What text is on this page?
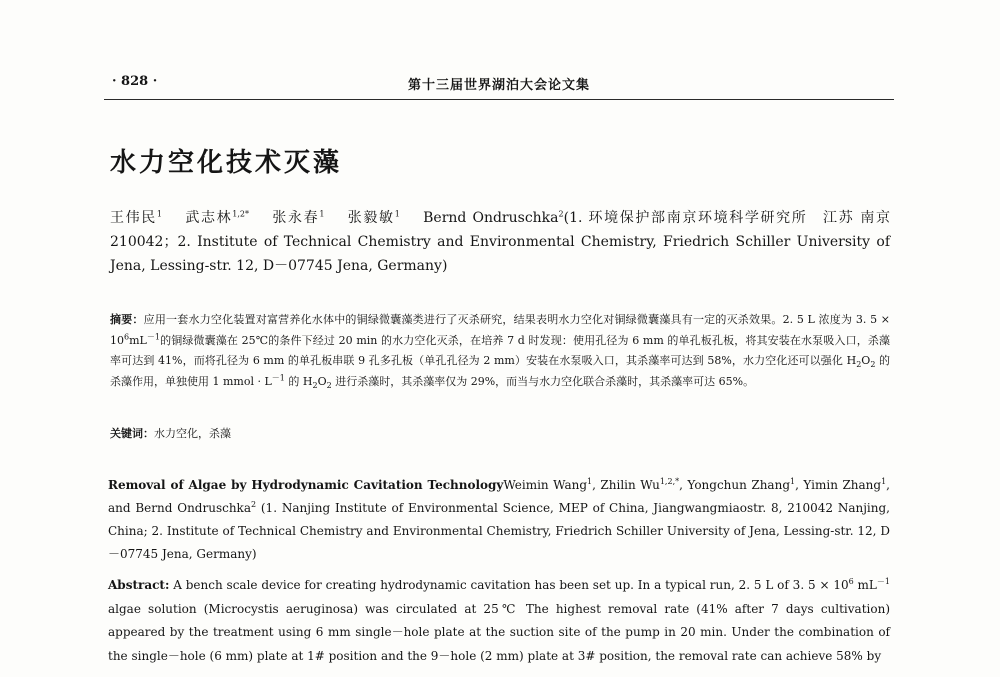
· 828 ·	第十三届世界湖泊大会论文集
水力空化技术灭藻
王伟民$^1$　 武志林$^{1,2*}$　 张永春$^1$　 张毅敏$^1$　 Bernd Ondruschka$^2$(1. 环境保护部南京环境科学研究所　江苏 南京　210042；2. Institute of Technical Chemistry and Environmental Chemistry, Friedrich Schiller University of Jena, Lessing-str. 12, D－07745 Jena, Germany)
摘要：应用一套水力空化装置对富营养化水体中的铜绿微囊藻类进行了灭杀研究，结果表明水力空化对铜绿微囊藻具有一定的灭杀效果。2. 5 L 浓度为 3. $5 \times 10^6mL^{-1}$的铜绿微囊藻在 25℃的条件下经过 20 min 的水力空化灭杀，在培养 7 d 时发现：使用孔径为 6 mm 的单孔板孔板，将其安装在水泵吸入口，杀藻率可达到 41%，而将孔径为 6 mm 的单孔板串联 9 孔多孔板（单孔孔径为 2 mm）安装在水泵吸入口，其杀藻率可达到 58%，水力空化还可以强化 $H_2O_2$ 的杀藻作用，单独使用 1 mmol · $L^{-1}$ 的 $H_2O_2$ 进行杀藻时，其杀藻率仅为 29%，而当与水力空化联合杀藻时，其杀藻率可达 65%。
关键词：水力空化，杀藻
Removal of Algae by Hydrodynamic Cavitation TechnologyWeimin Wang$^1$, Zhilin $Wu^{1,2,*}$, Yongchun Zhang$^1$, Yimin Zhang$^1$, and Bernd Ondruschka$^2$ (1. Nanjing Institute of Environmental Science, MEP of China, Jiangwangmiaostr. 8, 210042 Nanjing, China; 2. Institute of Technical Chemistry and Environmental Chemistry, Friedrich Schiller University of Jena, Lessing-str. 12, D－07745 Jena, Germany)
Abstract: A bench scale device for creating hydrodynamic cavitation has been set up. In a typical run, 2. 5 L of 3. $5 \times 10^6$ $mL^{-1}$ algae solution (Microcystis aeruginosa) was circulated at 25℃ The highest removal rate (41% after 7 days cultivation) appeared by the treatment using 6 mm single－hole plate at the suction site of the pump in 20 min. Under the combination of the single－hole (6 mm) plate at 1# position and the 9－hole (2 mm) plate at 3# position, the removal rate can achieve 58% by
